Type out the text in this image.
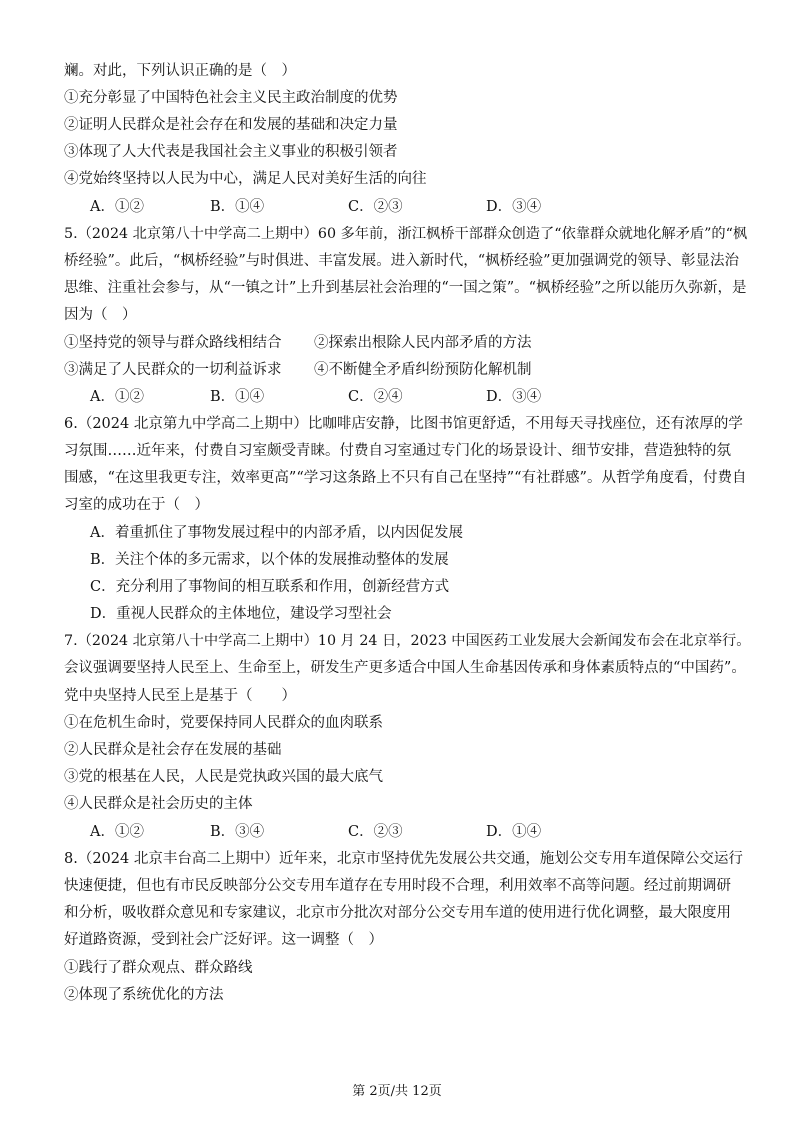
斓。对此，下列认识正确的是（　）
①充分彰显了中国特色社会主义民主政治制度的优势
②证明人民群众是社会存在和发展的基础和决定力量
③体现了人大代表是我国社会主义事业的积极引领者
④党始终坚持以人民为中心，满足人民对美好生活的向往
A．①②	B．①④	C．②③	D．③④
5.（2024 北京第八十中学高二上期中）60 多年前，浙江枫桥干部群众创造了“依靠群众就地化解矛盾”的“枫
桥经验”。此后，“枫桥经验”与时俱进、丰富发展。进入新时代，“枫桥经验”更加强调党的领导、彰显法治
思维、注重社会参与，从“一镇之计”上升到基层社会治理的“一国之策”。“枫桥经验”之所以能历久弥新，是
因为（　）
①坚持党的领导与群众路线相结合 ②探索出根除人民内部矛盾的方法
③满足了人民群众的一切利益诉求 ④不断健全矛盾纠纷预防化解机制
A．①②	B．①④	C．②④	D．③④
6.（2024 北京第九中学高二上期中）比咖啡店安静，比图书馆更舒适，不用每天寻找座位，还有浓厚的学
习氛围……近年来，付费自习室颇受青睐。付费自习室通过专门化的场景设计、细节安排，营造独特的氛
围感，“在这里我更专注，效率更高”“学习这条路上不只有自己在坚持”“有社群感”。从哲学角度看，付费自
习室的成功在于（　）
A．着重抓住了事物发展过程中的内部矛盾，以内因促发展
B．关注个体的多元需求，以个体的发展推动整体的发展
C．充分利用了事物间的相互联系和作用，创新经营方式
D．重视人民群众的主体地位，建设学习型社会
7.（2024 北京第八十中学高二上期中）10 月 24 日，2023 中国医药工业发展大会新闻发布会在北京举行。
会议强调要坚持人民至上、生命至上，研发生产更多适合中国人生命基因传承和身体素质特点的“中国药”。
党中央坚持人民至上是基于（　　）
①在危机生命时，党要保持同人民群众的血肉联系
②人民群众是社会存在发展的基础
③党的根基在人民，人民是党执政兴国的最大底气
④人民群众是社会历史的主体
A．①②	B．③④	C．②③	D．①④
8.（2024 北京丰台高二上期中）近年来，北京市坚持优先发展公共交通，施划公交专用车道保障公交运行
快速便捷，但也有市民反映部分公交专用车道存在专用时段不合理，利用效率不高等问题。经过前期调研
和分析，吸收群众意见和专家建议，北京市分批次对部分公交专用车道的使用进行优化调整，最大限度用
好道路资源，受到社会广泛好评。这一调整（　）
①践行了群众观点、群众路线
②体现了系统优化的方法
第 2页/共 12页
